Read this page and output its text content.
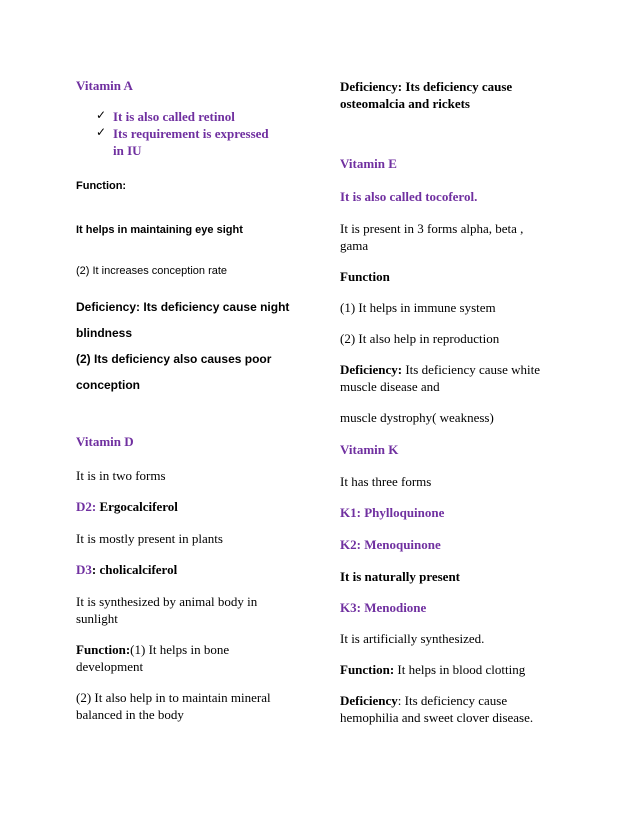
Vitamin A

✓ It is also called retinol

✓ Its requirement is expressed

in IU

Function:

It helps in maintaining eye sight

(2) It increases conception rate

Deficiency: Its deficiency cause night

blindness

(2) Its deficiency also causes poor

conception

Vitamin D

It is in two forms

D2: Ergocalciferol

It is mostly present in plants

D3: cholicalciferol

It is synthesized by animal body in

sunlight

Function:(1) It helps in bone

development

(2) It also help in to maintain mineral

balanced in the body

Deficiency: Its deficiency cause

osteomalcia and rickets

Vitamin E

It is also called tocoferol.

It is present in 3 forms alpha, beta ,

gama

Function

(1) It helps in immune system

(2) It also help in reproduction

Deficiency: Its deficiency cause white

muscle disease and

muscle dystrophy( weakness)

Vitamin K

It has three forms

K1: Phylloquinone

K2: Menoquinone

It is naturally present

K3: Menodione

It is artificially synthesized.

Function: It helps in blood clotting

Deficiency: Its deficiency cause

hemophilia and sweet clover disease.
